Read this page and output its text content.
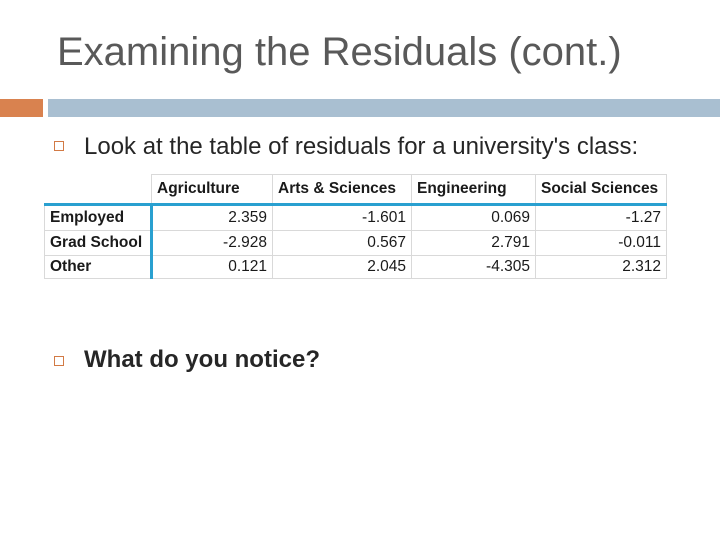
Examining the Residuals (cont.)
Look at the table of residuals for a university's class:
	Agriculture	Arts & Sciences	Engineering	Social Sciences
Employed	2.359	-1.601	0.069	-1.27
Grad School	-2.928	0.567	2.791	-0.011
Other	0.121	2.045	-4.305	2.312
What do you notice?
